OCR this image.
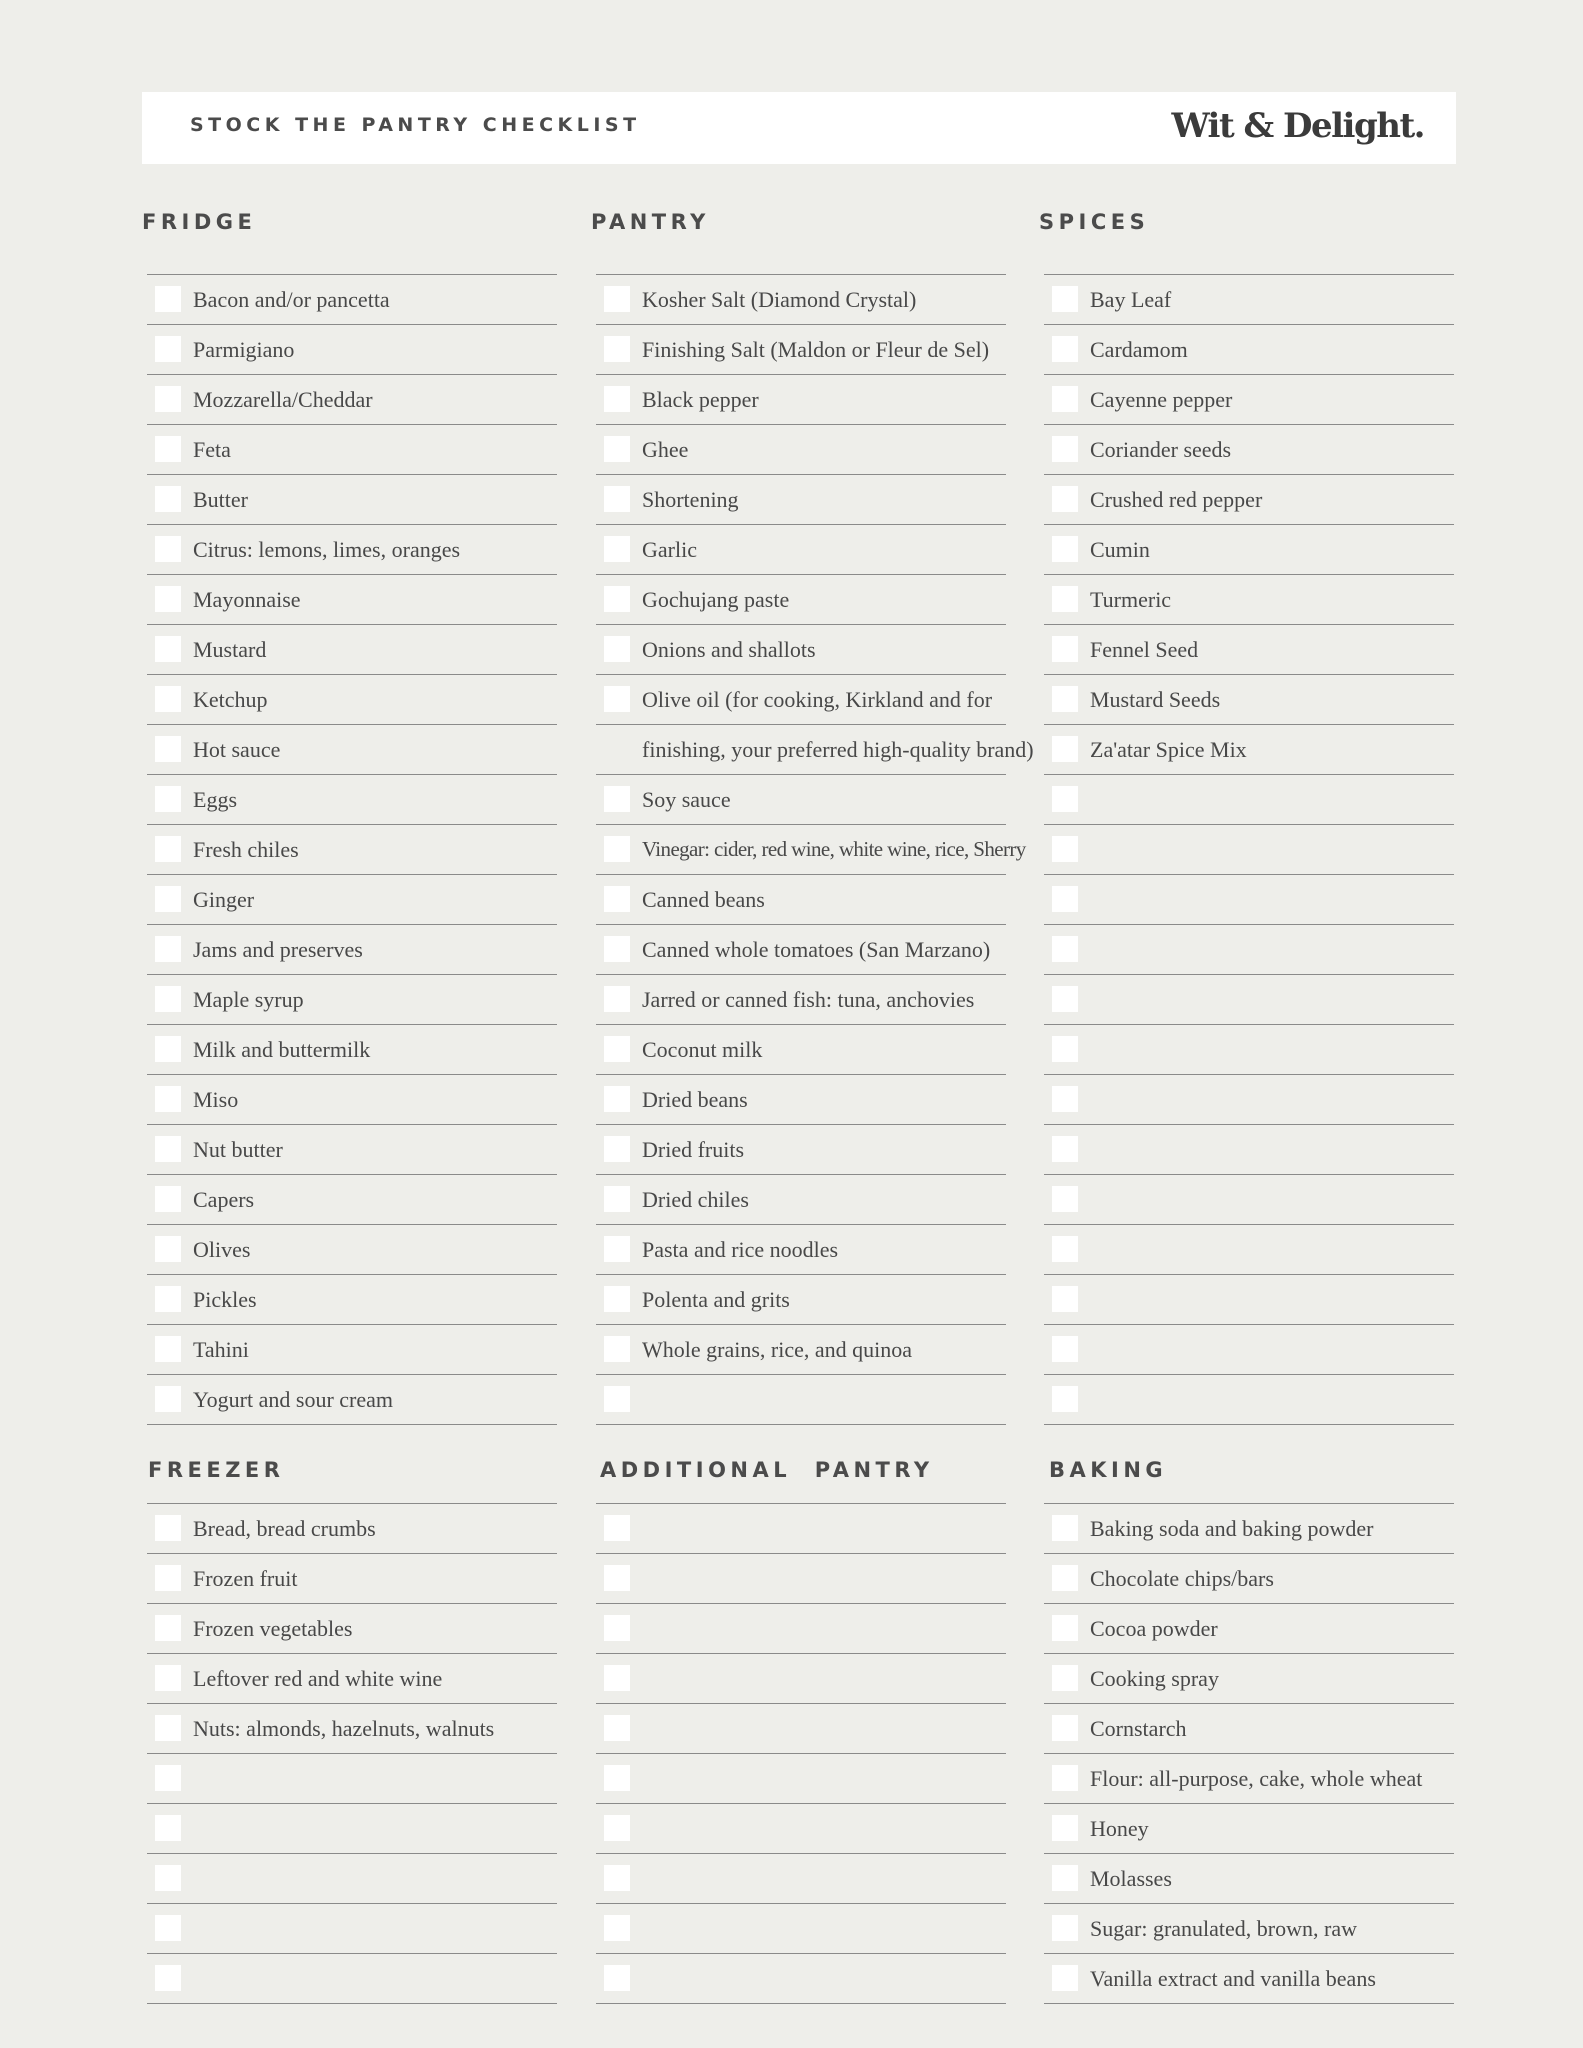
STOCK THE PANTRY CHECKLIST	Wit & Delight.
FRIDGE	PANTRY	SPICES
Bacon and/or pancetta
Parmigiano
Mozzarella/Cheddar
Feta
Butter
Citrus: lemons, limes, oranges
Mayonnaise
Mustard
Ketchup
Hot sauce
Eggs
Fresh chiles
Ginger
Jams and preserves
Maple syrup
Milk and buttermilk
Miso
Nut butter
Capers
Olives
Pickles
Tahini
Yogurt and sour cream
Kosher Salt (Diamond Crystal)
Finishing Salt (Maldon or Fleur de Sel)
Black pepper
Ghee
Shortening
Garlic
Gochujang paste
Onions and shallots
Olive oil (for cooking, Kirkland and for
finishing, your preferred high-quality brand)
Soy sauce
Vinegar: cider, red wine, white wine, rice, Sherry
Canned beans
Canned whole tomatoes (San Marzano)
Jarred or canned fish: tuna, anchovies
Coconut milk
Dried beans
Dried fruits
Dried chiles
Pasta and rice noodles
Polenta and grits
Whole grains, rice, and quinoa
Bay Leaf
Cardamom
Cayenne pepper
Coriander seeds
Crushed red pepper
Cumin
Turmeric
Fennel Seed
Mustard Seeds
Za'atar Spice Mix
FREEZER	ADDITIONAL  PANTRY	BAKING
Bread, bread crumbs
Frozen fruit
Frozen vegetables
Leftover red and white wine
Nuts: almonds, hazelnuts, walnuts
Baking soda and baking powder
Chocolate chips/bars
Cocoa powder
Cooking spray
Cornstarch
Flour: all-purpose, cake, whole wheat
Honey
Molasses
Sugar: granulated, brown, raw
Vanilla extract and vanilla beans
